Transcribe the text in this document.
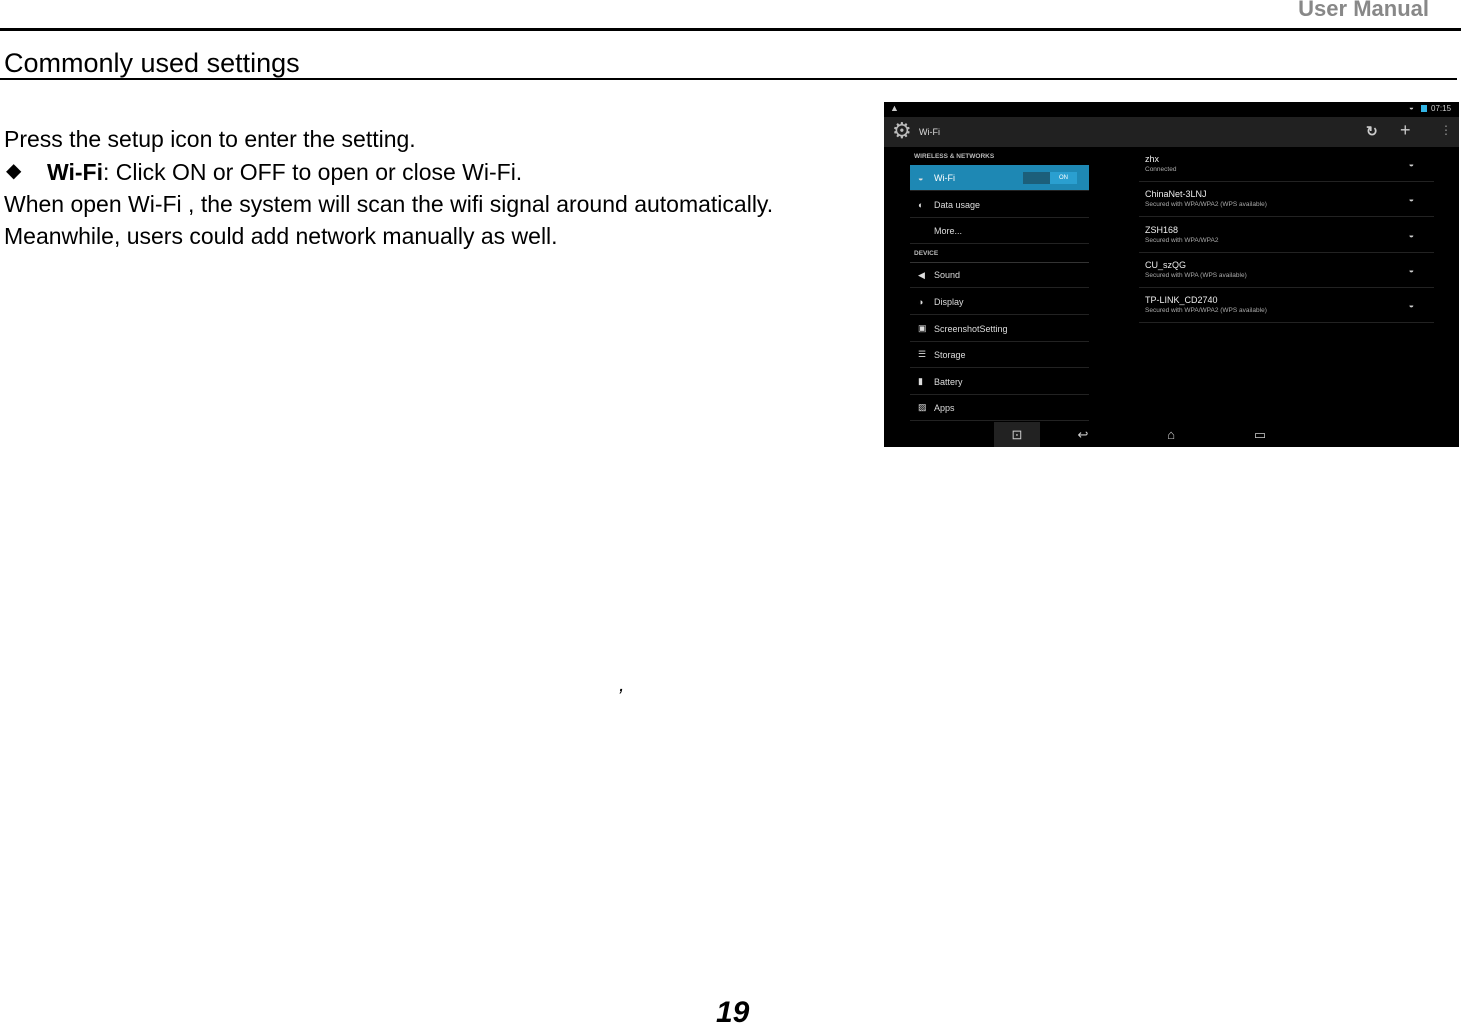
User Manual
Commonly used settings
Press the setup icon to enter the setting.
◆ Wi-Fi: Click ON or OFF to open or close Wi-Fi.
When open Wi-Fi , the system will scan the wifi signal around automatically.
Meanwhile, users could add network manually as well.
▲	◒ 07:15
⚙ Wi-Fi	↻ + ⋮
WIRELESS & NETWORKS
◒	Wi-Fi	ON
◐	Data usage
More...
DEVICE
◀	Sound
◑	Display
▣ ScreenshotSetting
☰ Storage
▮	Battery
▨ Apps
zhx
Connected
◒
ChinaNet-3LNJ
Secured with WPA/WPA2 (WPS available)
◒
ZSH168
Secured with WPA/WPA2
◒
CU_szQG
Secured with WPA (WPS available)
◒
TP-LINK_CD2740
Secured with WPA/WPA2 (WPS available)
◒
⊡	↩	⌂	▭
,
19
